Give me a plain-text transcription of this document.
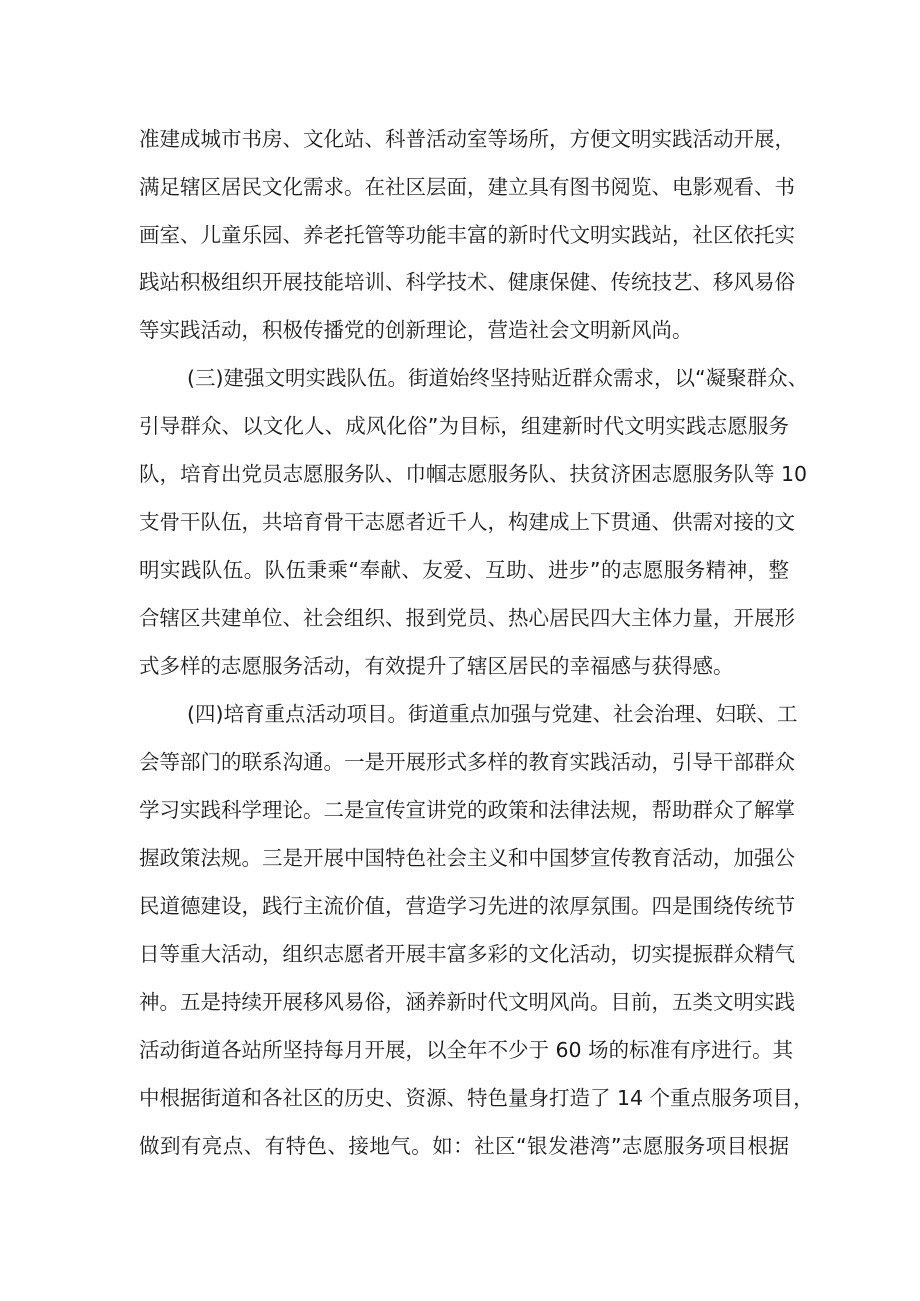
准建成城市书房、文化站、科普活动室等场所，方便文明实践活动开展，
满足辖区居民文化需求。在社区层面，建立具有图书阅览、电影观看、书
画室、儿童乐园、养老托管等功能丰富的新时代文明实践站，社区依托实
践站积极组织开展技能培训、科学技术、健康保健、传统技艺、移风易俗
等实践活动，积极传播党的创新理论，营造社会文明新风尚。
(三)建强文明实践队伍。街道始终坚持贴近群众需求，以“凝聚群众、
引导群众、以文化人、成风化俗”为目标，组建新时代文明实践志愿服务
队，培育出党员志愿服务队、巾帼志愿服务队、扶贫济困志愿服务队等 10
支骨干队伍，共培育骨干志愿者近千人，构建成上下贯通、供需对接的文
明实践队伍。队伍秉乘“奉献、友爱、互助、进步”的志愿服务精神，整
合辖区共建单位、社会组织、报到党员、热心居民四大主体力量，开展形
式多样的志愿服务活动，有效提升了辖区居民的幸福感与获得感。
(四)培育重点活动项目。街道重点加强与党建、社会治理、妇联、工
会等部门的联系沟通。一是开展形式多样的教育实践活动，引导干部群众
学习实践科学理论。二是宣传宣讲党的政策和法律法规，帮助群众了解掌
握政策法规。三是开展中国特色社会主义和中国梦宣传教育活动，加强公
民道德建设，践行主流价值，营造学习先进的浓厚氛围。四是围绕传统节
日等重大活动，组织志愿者开展丰富多彩的文化活动，切实提振群众精气
神。五是持续开展移风易俗，涵养新时代文明风尚。目前，五类文明实践
活动街道各站所坚持每月开展，以全年不少于 60 场的标准有序进行。其
中根据街道和各社区的历史、资源、特色量身打造了 14 个重点服务项目，
做到有亮点、有特色、接地气。如：社区“银发港湾”志愿服务项目根据
